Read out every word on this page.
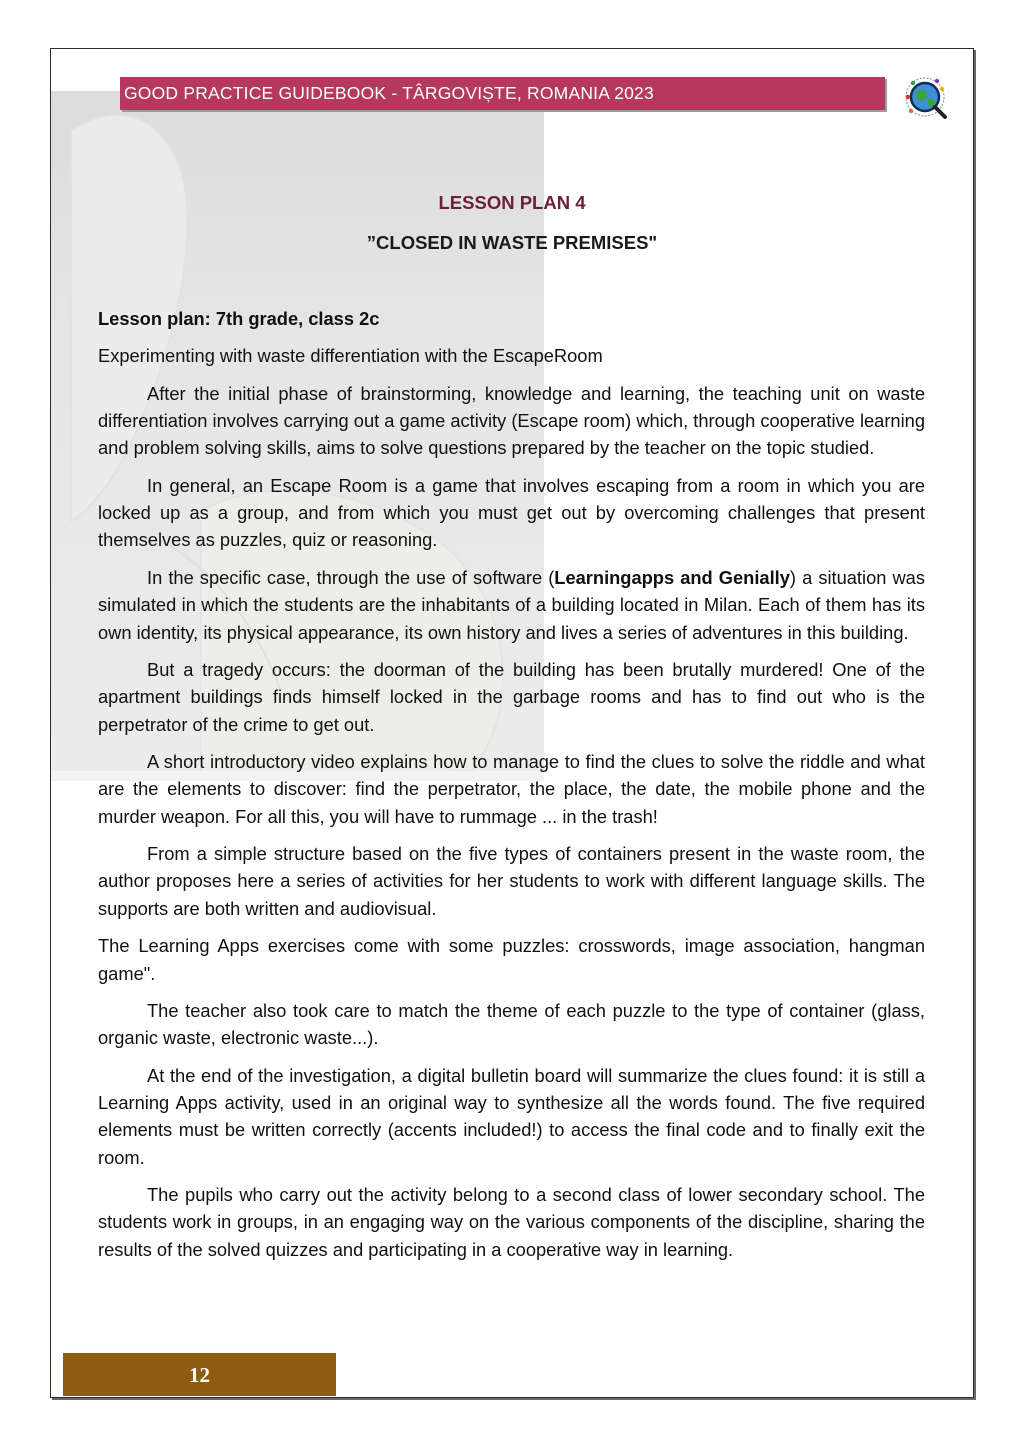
GOOD PRACTICE GUIDEBOOK - TÂRGOVIȘTE, ROMANIA 2023
LESSON PLAN 4
”CLOSED IN WASTE PREMISES"

Lesson plan: 7th grade, class 2c

Experimenting with waste differentiation with the EscapeRoom

After the initial phase of brainstorming, knowledge and learning, the teaching unit on waste differentiation involves carrying out a game activity (Escape room) which, through cooperative learning and problem solving skills, aims to solve questions prepared by the teacher on the topic studied.

In general, an Escape Room is a game that involves escaping from a room in which you are locked up as a group, and from which you must get out by overcoming challenges that present themselves as puzzles, quiz or reasoning.

In the specific case, through the use of software (Learningapps and Genially) a situation was simulated in which the students are the inhabitants of a building located in Milan. Each of them has its own identity, its physical appearance, its own history and lives a series of adventures in this building.

But a tragedy occurs: the doorman of the building has been brutally murdered! One of the apartment buildings finds himself locked in the garbage rooms and has to find out who is the perpetrator of the crime to get out.

A short introductory video explains how to manage to find the clues to solve the riddle and what are the elements to discover: find the perpetrator, the place, the date, the mobile phone and the murder weapon. For all this, you will have to rummage ... in the trash!

From a simple structure based on the five types of containers present in the waste room, the author proposes here a series of activities for her students to work with different language skills. The supports are both written and audiovisual.

The Learning Apps exercises come with some puzzles: crosswords, image association, hangman game".

The teacher also took care to match the theme of each puzzle to the type of container (glass, organic waste, electronic waste...).

At the end of the investigation, a digital bulletin board will summarize the clues found: it is still a Learning Apps activity, used in an original way to synthesize all the words found. The five required elements must be written correctly (accents included!) to access the final code and to finally exit the room.

The pupils who carry out the activity belong to a second class of lower secondary school. The students work in groups, in an engaging way on the various components of the discipline, sharing the results of the solved quizzes and participating in a cooperative way in learning.

12
